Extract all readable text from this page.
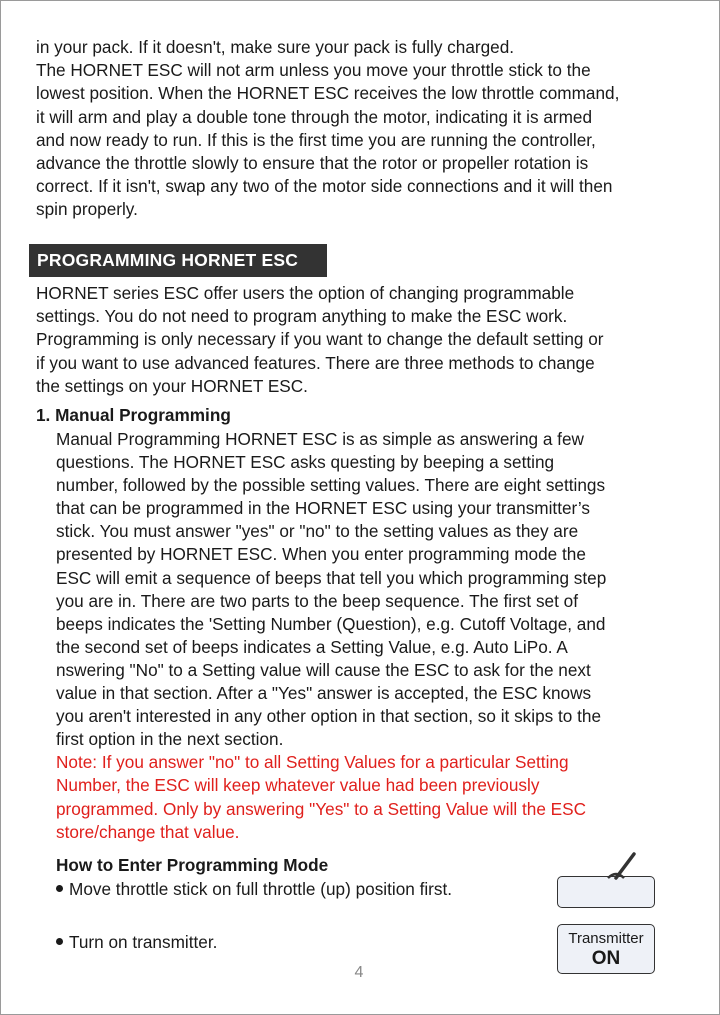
in your pack. If it doesn't, make sure your pack is fully charged.
The HORNET ESC will not arm unless you move your throttle stick to the
lowest position. When the HORNET ESC receives the low throttle command,
it will arm and play a double tone through the motor, indicating it is armed
and now ready to run. If this is the first time you are running the controller,
advance the throttle slowly to ensure that the rotor or propeller rotation is
correct. If it isn't, swap any two of the motor side connections and it will then
spin properly.
PROGRAMMING HORNET ESC
HORNET series ESC offer users the option of changing programmable
settings. You do not need to program anything to make the ESC work.
Programming is only necessary if you want to change the default setting or
if you want to use advanced features. There are three methods to change
the settings on your HORNET ESC.
1. Manual Programming
Manual Programming HORNET ESC is as simple as answering a few
questions. The HORNET ESC asks questing by beeping a setting
number, followed by the possible setting values. There are eight settings
that can be programmed in the HORNET ESC using your transmitter’s
stick. You must answer "yes" or "no" to the setting values as they are
presented by HORNET ESC. When you enter programming mode the
ESC will emit a sequence of beeps that tell you which programming step
you are in. There are two parts to the beep sequence. The first set of
beeps indicates the 'Setting Number (Question), e.g. Cutoff Voltage, and
the second set of beeps indicates a Setting Value, e.g. Auto LiPo. A
nswering "No" to a Setting value will cause the ESC to ask for the next
value in that section. After a "Yes" answer is accepted, the ESC knows
you aren't interested in any other option in that section, so it skips to the
first option in the next section.
Note: If you answer "no" to all Setting Values for a particular Setting
Number, the ESC will keep whatever value had been previously
programmed. Only by answering "Yes" to a Setting Value will the ESC
store/change that value.
How to Enter Programming Mode
Move throttle stick on full throttle (up) position first.
Turn on transmitter.	Transmitter
ON
4
